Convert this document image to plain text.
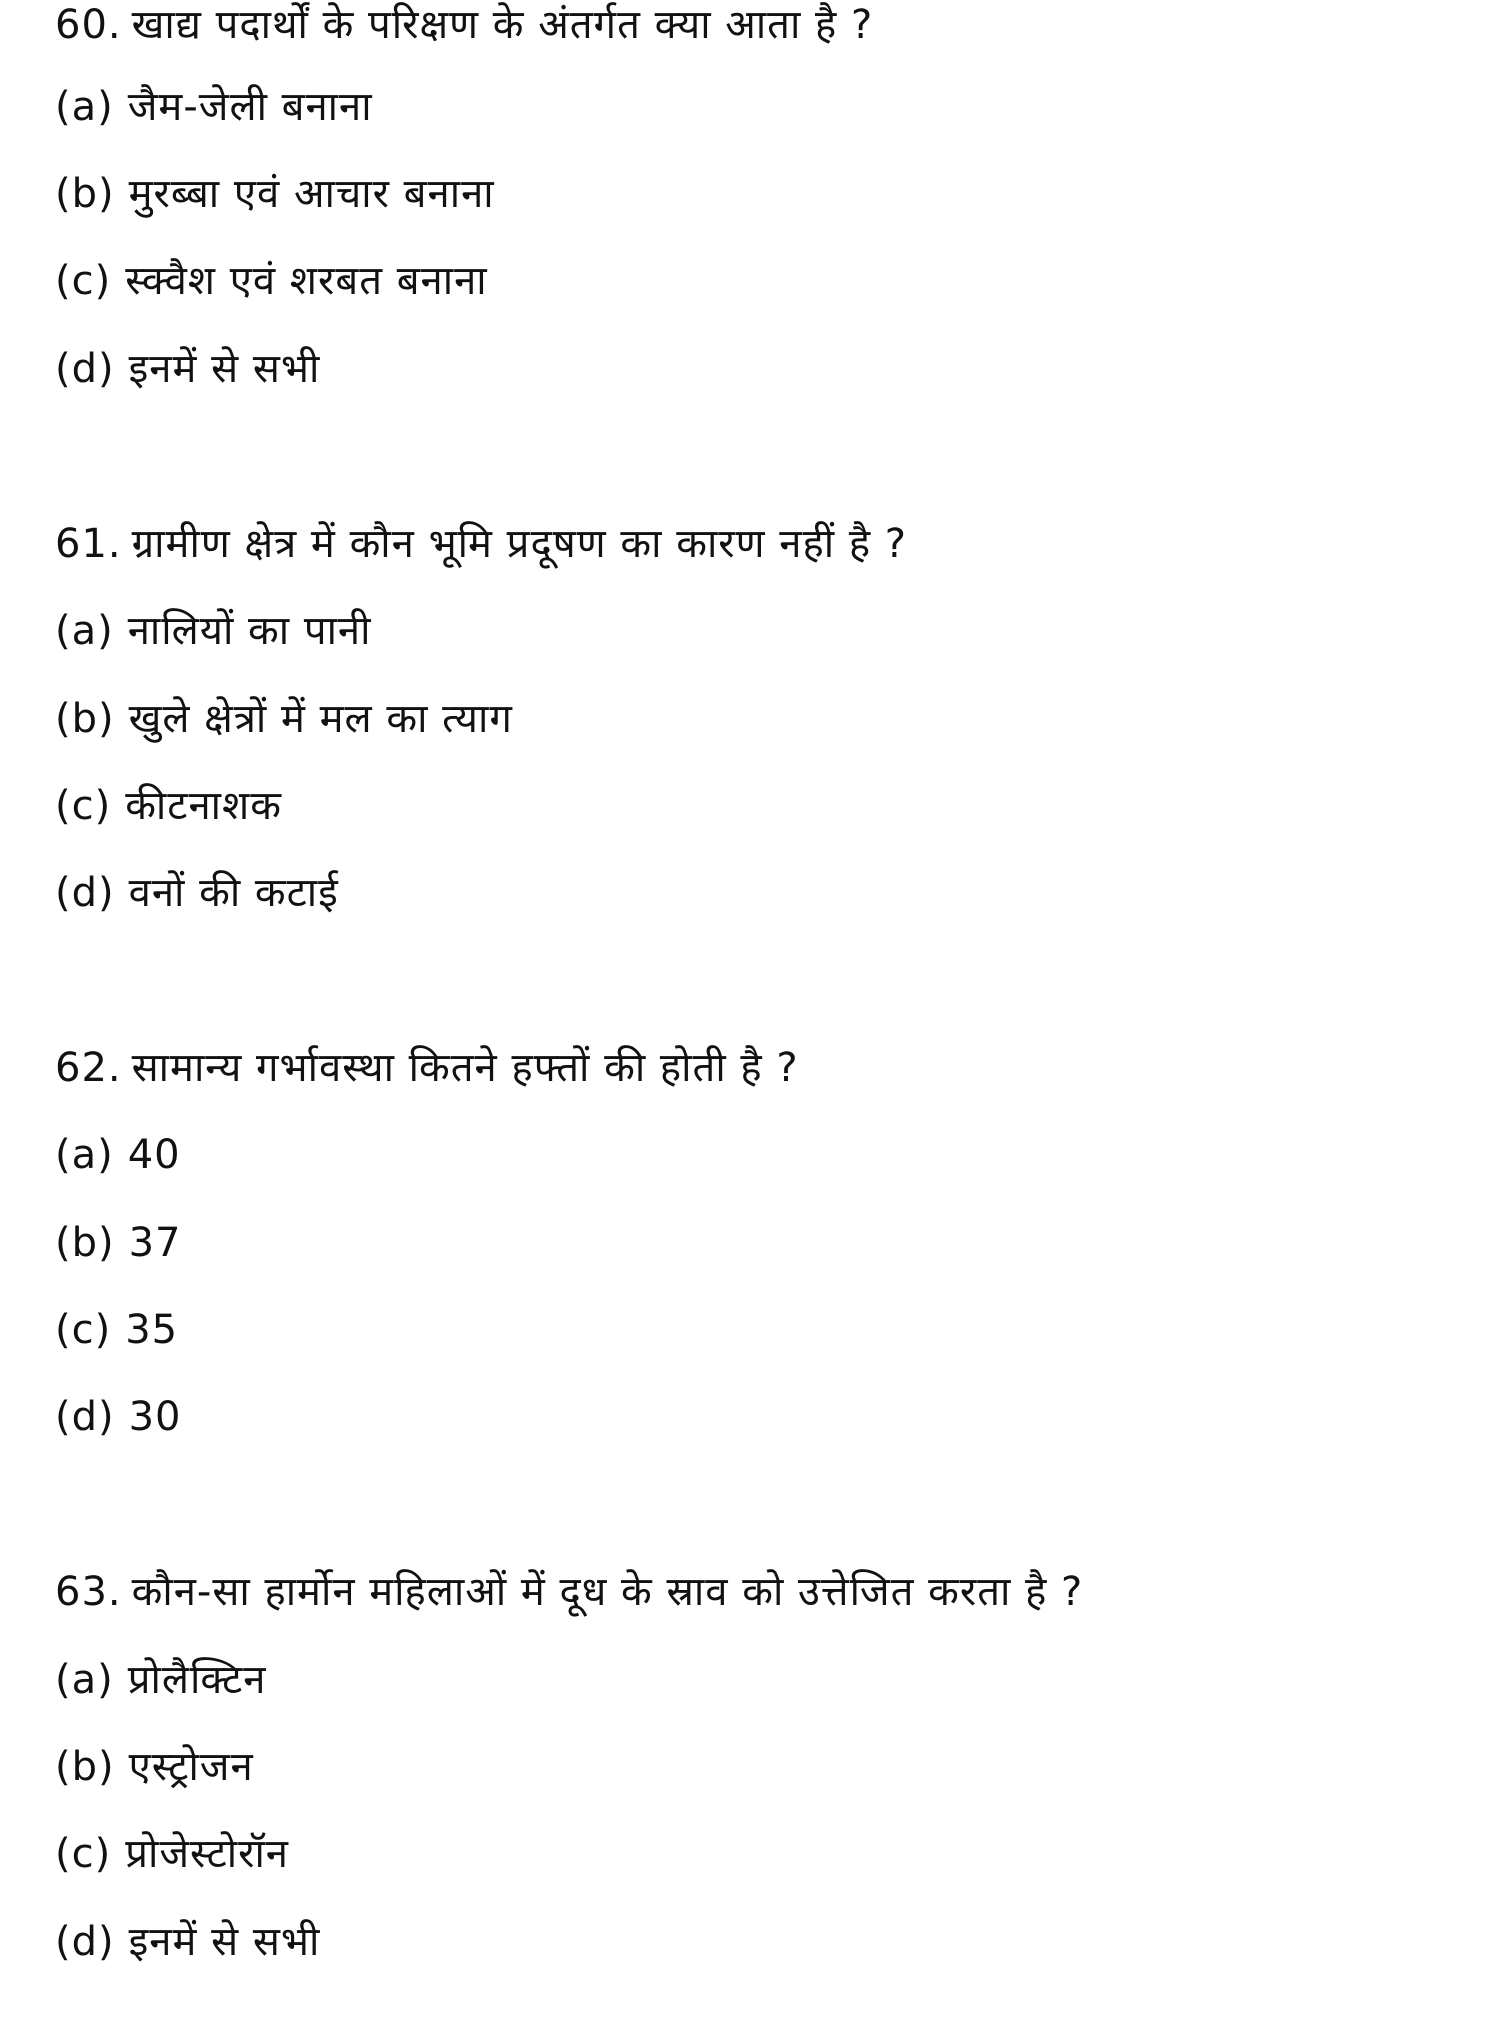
60. खाद्य पदार्थों के परिक्षण के अंतर्गत क्या आता है ?
(a) जैम-जेली बनाना
(b) मुरब्बा एवं आचार बनाना
(c) स्क्वैश एवं शरबत बनाना
(d) इनमें से सभी
61. ग्रामीण क्षेत्र में कौन भूमि प्रदूषण का कारण नहीं है ?
(a) नालियों का पानी
(b) खुले क्षेत्रों में मल का त्याग
(c) कीटनाशक
(d) वनों की कटाई
62. सामान्य गर्भावस्था कितने हफ्तों की होती है ?
(a) 40
(b) 37
(c) 35
(d) 30
63. कौन-सा हार्मोन महिलाओं में दूध के स्राव को उत्तेजित करता है ?
(a) प्रोलैक्टिन
(b) एस्ट्रोजन
(c) प्रोजेस्टोरॉन
(d) इनमें से सभी
